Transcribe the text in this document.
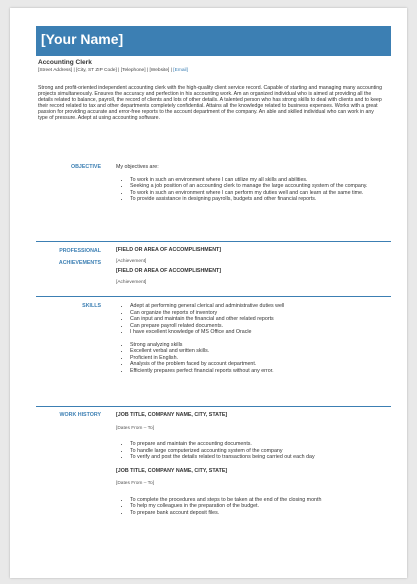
[Your Name]
Accounting Clerk
[Street Address] | [City, ST ZIP Code] | [Telephone] | [Website] | [Email]
Strong and profit-oriented independent accounting clerk with the high-quality client service record. Capable of starting and managing many accounting projects simultaneously. Ensures the accuracy and perfection in his accounting work. Am an organized individual who is aimed at providing all the details related to balance, payroll, the record of clients and lots of other details. A talented person who has strong skills to deal with clients and to keep their record related to tax and other departments completely confidential. Attains all the knowledge related to business expenses. Works with a great passion for providing accurate and error-free reports to the account department of the company. An able and skilled individual who can work in any type of pressure. Adept at using accounting software.
OBJECTIVE	My objectives are:
• To work in such an environment where I can utilize my all skills and abilities.
• Seeking a job position of an accounting clerk to manage the large accounting system of the company.
• To work in such an environment where I can perform my duties well and can learn at the same time.
• To provide assistance in designing payrolls, budgets and other financial reports.
PROFESSIONAL
ACHIEVEMENTS
[FIELD OR AREA OF ACCOMPLISHMENT]
[Achievement]
[FIELD OR AREA OF ACCOMPLISHMENT]
[Achievement]
SKILLS
•	Adept at performing general clerical and administrative duties well
• Can organize the reports of inventory
• Can input and maintain the financial and other related reports
• Can prepare payroll related documents.
• I have excellent knowledge of MS Office and Oracle
• Strong analyzing skills
• Excellent verbal and written skills.
• Proficient in English.
• Analysis of the problem faced by account department.
• Efficiently prepares perfect financial reports without any error.
WORK HISTORY	[JOB TITLE, COMPANY NAME, CITY, STATE]
[Dates From – To]
• To prepare and maintain the accounting documents.
• To handle large computerized accounting system of the company
• To verify and post the details related to transactions being carried out each day
[JOB TITLE, COMPANY NAME, CITY, STATE]
[Dates From – To]
• To complete the procedures and steps to be taken at the end of the closing month
• To help my colleagues in the preparation of the budget.
• To prepare bank account deposit files.
